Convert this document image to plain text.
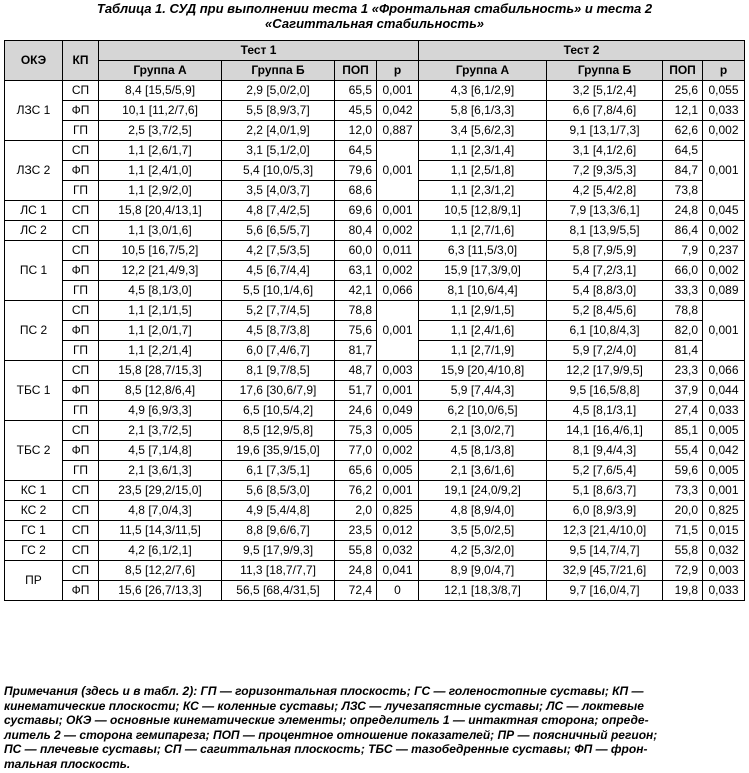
Таблица 1. СУД при выполнении теста 1 «Фронтальная стабильность» и теста 2
«Сагиттальная стабильность»
ОКЭ	КП	Тест 1				Тест 2			
		Группа А	Группа Б	ПОП	р	Группа А	Группа Б	ПОП	р
ЛЗС 1	СП	8,4 [15,5/5,9]	2,9 [5,0/2,0]	65,5	0,001	4,3 [6,1/2,9]	3,2 [5,1/2,4]	25,6	0,055
	ФП	10,1 [11,2/7,6]	5,5 [8,9/3,7]	45,5	0,042	5,8 [6,1/3,3]	6,6 [7,8/4,6]	12,1	0,033
	ГП	2,5 [3,7/2,5]	2,2 [4,0/1,9]	12,0	0,887	3,4 [5,6/2,3]	9,1 [13,1/7,3]	62,6	0,002
ЛЗС 2	СП	1,1 [2,6/1,7]	3,1 [5,1/2,0]	64,5	0,001	1,1 [2,3/1,4]	3,1 [4,1/2,6]	64,5	0,001
	ФП	1,1 [2,4/1,0]	5,4 [10,0/5,3]	79,6		1,1 [2,5/1,8]	7,2 [9,3/5,3]	84,7	
	ГП	1,1 [2,9/2,0]	3,5 [4,0/3,7]	68,6		1,1 [2,3/1,2]	4,2 [5,4/2,8]	73,8	
ЛС 1	СП	15,8 [20,4/13,1]	4,8 [7,4/2,5]	69,6	0,001	10,5 [12,8/9,1]	7,9 [13,3/6,1]	24,8	0,045
ЛС 2	СП	1,1 [3,0/1,6]	5,6 [6,5/5,7]	80,4	0,002	1,1 [2,7/1,6]	8,1 [13,9/5,5]	86,4	0,002
ПС 1	СП	10,5 [16,7/5,2]	4,2 [7,5/3,5]	60,0	0,011	6,3 [11,5/3,0]	5,8 [7,9/5,9]	7,9	0,237
	ФП	12,2 [21,4/9,3]	4,5 [6,7/4,4]	63,1	0,002	15,9 [17,3/9,0]	5,4 [7,2/3,1]	66,0	0,002
	ГП	4,5 [8,1/3,0]	5,5 [10,1/4,6]	42,1	0,066	8,1 [10,6/4,4]	5,4 [8,8/3,0]	33,3	0,089
ПС 2	СП	1,1 [2,1/1,5]	5,2 [7,7/4,5]	78,8	0,001	1,1 [2,9/1,5]	5,2 [8,4/5,6]	78,8	0,001
	ФП	1,1 [2,0/1,7]	4,5 [8,7/3,8]	75,6		1,1 [2,4/1,6]	6,1 [10,8/4,3]	82,0	
	ГП	1,1 [2,2/1,4]	6,0 [7,4/6,7]	81,7		1,1 [2,7/1,9]	5,9 [7,2/4,0]	81,4	
ТБС 1	СП	15,8 [28,7/15,3]	8,1 [9,7/8,5]	48,7	0,003	15,9 [20,4/10,8]	12,2 [17,9/9,5]	23,3	0,066
	ФП	8,5 [12,8/6,4]	17,6 [30,6/7,9]	51,7	0,001	5,9 [7,4/4,3]	9,5 [16,5/8,8]	37,9	0,044
	ГП	4,9 [6,9/3,3]	6,5 [10,5/4,2]	24,6	0,049	6,2 [10,0/6,5]	4,5 [8,1/3,1]	27,4	0,033
ТБС 2	СП	2,1 [3,7/2,5]	8,5 [12,9/5,8]	75,3	0,005	2,1 [3,0/2,7]	14,1 [16,4/6,1]	85,1	0,005
	ФП	4,5 [7,1/4,8]	19,6 [35,9/15,0]	77,0	0,002	4,5 [8,1/3,8]	8,1 [9,4/4,3]	55,4	0,042
	ГП	2,1 [3,6/1,3]	6,1 [7,3/5,1]	65,6	0,005	2,1 [3,6/1,6]	5,2 [7,6/5,4]	59,6	0,005
КС 1	СП	23,5 [29,2/15,0]	5,6 [8,5/3,0]	76,2	0,001	19,1 [24,0/9,2]	5,1 [8,6/3,7]	73,3	0,001
КС 2	СП	4,8 [7,0/4,3]	4,9 [5,4/4,8]	2,0	0,825	4,8 [8,9/4,0]	6,0 [8,9/3,9]	20,0	0,825
ГС 1	СП	11,5 [14,3/11,5]	8,8 [9,6/6,7]	23,5	0,012	3,5 [5,0/2,5]	12,3 [21,4/10,0]	71,5	0,015
ГС 2	СП	4,2 [6,1/2,1]	9,5 [17,9/9,3]	55,8	0,032	4,2 [5,3/2,0]	9,5 [14,7/4,7]	55,8	0,032
ПР	СП	8,5 [12,2/7,6]	11,3 [18,7/7,7]	24,8	0,041	8,9 [9,0/4,7]	32,9 [45,7/21,6]	72,9	0,003
	ФП	15,6 [26,7/13,3]	56,5 [68,4/31,5]	72,4	0	12,1 [18,3/8,7]	9,7 [16,0/4,7]	19,8	0,033
Примечания (здесь и в табл. 2): ГП — горизонтальная плоскость; ГС — голеностопные суставы; КП —
кинематические плоскости; КС — коленные суставы; ЛЗС — лучезапястные суставы; ЛС — локтевые
суставы; ОКЭ — основные кинематические элементы; определитель 1 — интактная сторона; опреде-
литель 2 — сторона гемипареза; ПОП — процентное отношение показателей; ПР — поясничный регион;
ПС — плечевые суставы; СП — сагиттальная плоскость; ТБС — тазобедренные суставы; ФП — фрон-
тальная плоскость.
